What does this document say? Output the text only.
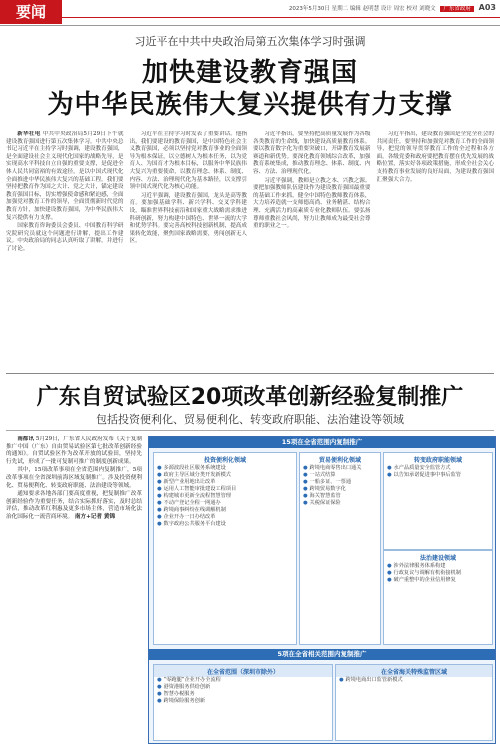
要闻	2023年5月30日 星期二 编辑 赵明慧 设计 周宏 校对 刘晓文 广东省政府 A03
习近平在中共中央政治局第五次集体学习时强调
加快建设教育强国
为中华民族伟大复兴提供有力支撑

新华社电 中共中央政治局5月29日下午就建设教育强国进行第五次集体学习。中共中央总书记习近平在主持学习时强调，建设教育强国，是全面建设社会主义现代化国家的战略先导，是实现高水平科技自立自强的重要支撑，是促进全体人民共同富裕的有效途径，是以中国式现代化全面推进中华民族伟大复兴的基础工程。我们要坚持把教育作为国之大计、党之大计，锚定建设教育强国目标，切实增强使命感和紧迫感，全面加强党对教育工作的领导，全面贯彻新时代党的教育方针，加快建设教育强国，为中华民族伟大复兴提供有力支撑。

国家教育咨询委员会委员、中国教育科学研究院研究员就这个问题进行讲解，提出工作建议。中央政治局的同志认真听取了讲解，并进行了讨论。

习近平在主持学习时发表了重要讲话。他指出，我们要建设的教育强国，是中国特色社会主义教育强国，必须以坚持党对教育事业的全面领导为根本保证，以立德树人为根本任务，以为党育人、为国育才为根本目标，以服务中华民族伟大复兴为重要使命，以教育理念、体系、制度、内容、方法、治理现代化为基本路径，以支撑引领中国式现代化为核心功能。

习近平强调，建设教育强国，龙头是高等教育。要加强基础学科、新兴学科、交叉学科建设，瞄准世界科技前沿和国家重大战略需求推进科研创新，努力构建中国特色、世界一流的大学和优势学科。要完善高校科技创新机制，提高成果转化效能，聚焦国家战略需要，勇闯创新无人区。

习近平指出，要坚持把高质量发展作为各级各类教育的生命线，加快建设高质量教育体系。要以教育数字化为重要突破口，开辟教育发展新赛道和新优势。要深化教育领域综合改革，加强教育系统集成，推动教育理念、体系、制度、内容、方法、治理现代化。

习近平强调，教师是立教之本、兴教之源。要把加强教师队伍建设作为建设教育强国最重要的基础工作来抓，健全中国特色教师教育体系，大力培养造就一支师德高尚、业务精湛、结构合理、充满活力的高素质专业化教师队伍。要弘扬尊师重教社会风尚，努力让教师成为最受社会尊重的职业之一。

习近平指出，建设教育强国是全党全社会的共同责任。要坚持和加强党对教育工作的全面领导，把党的领导贯穿教育工作的全过程和各方面。各级党委和政府要把教育摆在优先发展的战略位置，落实好各项政策措施，形成全社会关心支持教育事业发展的良好局面，为建设教育强国汇聚强大合力。

广东自贸试验区20项改革创新经验复制推广
包括投资便利化、贸易便利化、转变政府职能、法治建设等领域

南都讯 5月29日，广东省人民政府发布《关于复制推广中国（广东）自由贸易试验区第七批改革创新经验的通知》。自贸试验区作为改革开放的试验田，坚持先行先试，形成了一批可复制可推广的制度创新成果。

其中，15项改革事项在全省范围内复制推广，5项改革事项在全省深圳前海区域复制推广。涉及投资便利化、贸易便利化、转变政府职能、法治建设等领域。

通知要求各地各部门要高度重视，把复制推广改革创新经验作为重要任务，结合实际抓好落实，及时总结评估，推动改革红利惠及更多市场主体，营造市场化法治化国际化一流营商环境。 南方+记者 黄锦

15项在全省范围内复制推广
投资便利化领域
● 多源波段社区服务系统建设
● 政府主导区域分类开发新模式
● 新型产业用地出让改革
● 运用人工智能审批建设工程项目
● 构建城市更新全流程智慧管理
● 不动产登记全程一网通办
● 跨境商事纠纷在线调解机制
● 企业开办一日办结改革
● 数字政府公共服务平台建设
贸易便利化领域
● 跨境电商零售出口通关
● 一站式结算
● 一船多证、一票通
● 跨境贸易数字化
● 海关智慧监管
● 关税保证保险
转变政府职能领域
● 水产品质量安全监管方式
● 以告知承诺促进事中事后监管
法治建设领域
● 涉外法律服务体系构建
● 行政复议与调解有机衔接机制
● 破产重整中的企业信用修复
5项在全省相关范围内复制推广
在全省范围（深圳市除外）
● “零跑腿”企业开办全流程
● 港资港服务供给创新
● 智慧办税服务
● 跨境保险服务创新
在全省海关特殊监管区域
● 跨境电商出口监管新模式
